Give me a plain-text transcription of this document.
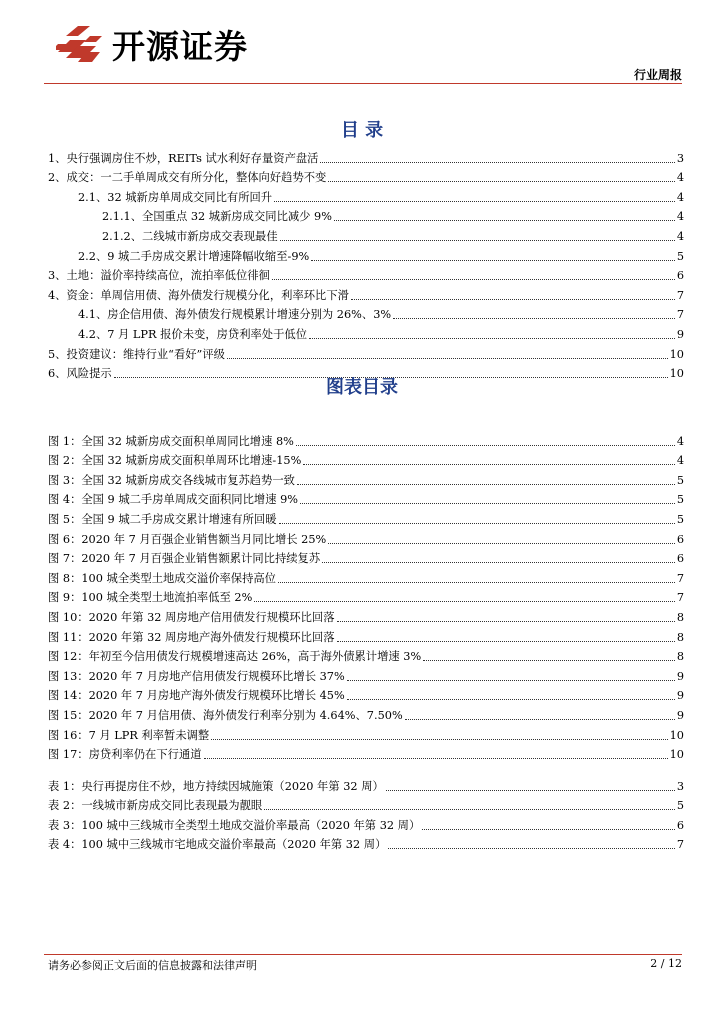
开源证券
行业周报
目 录
1、 央行强调房住不炒，REITs 试水利好存量资产盘活	3
2、 成交：一二手单周成交有所分化，整体向好趋势不变	4
2.1、 32 城新房单周成交同比有所回升	4
2.1.1、 全国重点 32 城新房成交同比减少 9%	4
2.1.2、 二线城市新房成交表现最佳	4
2.2、 9 城二手房成交累计增速降幅收缩至-9%	5
3、 土地：溢价率持续高位，流拍率低位徘徊	6
4、 资金：单周信用债、海外债发行规模分化，利率环比下滑	7
4.1、 房企信用债、海外债发行规模累计增速分别为 26%、3%	7
4.2、 7 月 LPR 报价未变，房贷利率处于低位	9
5、 投资建议：维持行业“看好”评级	10
6、 风险提示	10
图表目录
图 1： 全国 32 城新房成交面积单周同比增速 8%	4
图 2： 全国 32 城新房成交面积单周环比增速-15%	4
图 3： 全国 32 城新房成交各线城市复苏趋势一致	5
图 4： 全国 9 城二手房单周成交面积同比增速 9%	5
图 5： 全国 9 城二手房成交累计增速有所回暖	5
图 6： 2020 年 7 月百强企业销售额当月同比增长 25%	6
图 7： 2020 年 7 月百强企业销售额累计同比持续复苏	6
图 8： 100 城全类型土地成交溢价率保持高位	7
图 9： 100 城全类型土地流拍率低至 2%	7
图 10： 2020 年第 32 周房地产信用债发行规模环比回落	8
图 11： 2020 年第 32 周房地产海外债发行规模环比回落	8
图 12： 年初至今信用债发行规模增速高达 26%，高于海外债累计增速 3%	8
图 13： 2020 年 7 月房地产信用债发行规模环比增长 37%	9
图 14： 2020 年 7 月房地产海外债发行规模环比增长 45%	9
图 15： 2020 年 7 月信用债、海外债发行利率分别为 4.64%、7.50%	9
图 16： 7 月 LPR 利率暂未调整	10
图 17： 房贷利率仍在下行通道	10
表 1： 央行再提房住不炒，地方持续因城施策（2020 年第 32 周）	3
表 2： 一线城市新房成交同比表现最为靓眼	5
表 3： 100 城中三线城市全类型土地成交溢价率最高（2020 年第 32 周）	6
表 4： 100 城中三线城市宅地成交溢价率最高（2020 年第 32 周）	7
请务必参阅正文后面的信息披露和法律声明	2 / 12
